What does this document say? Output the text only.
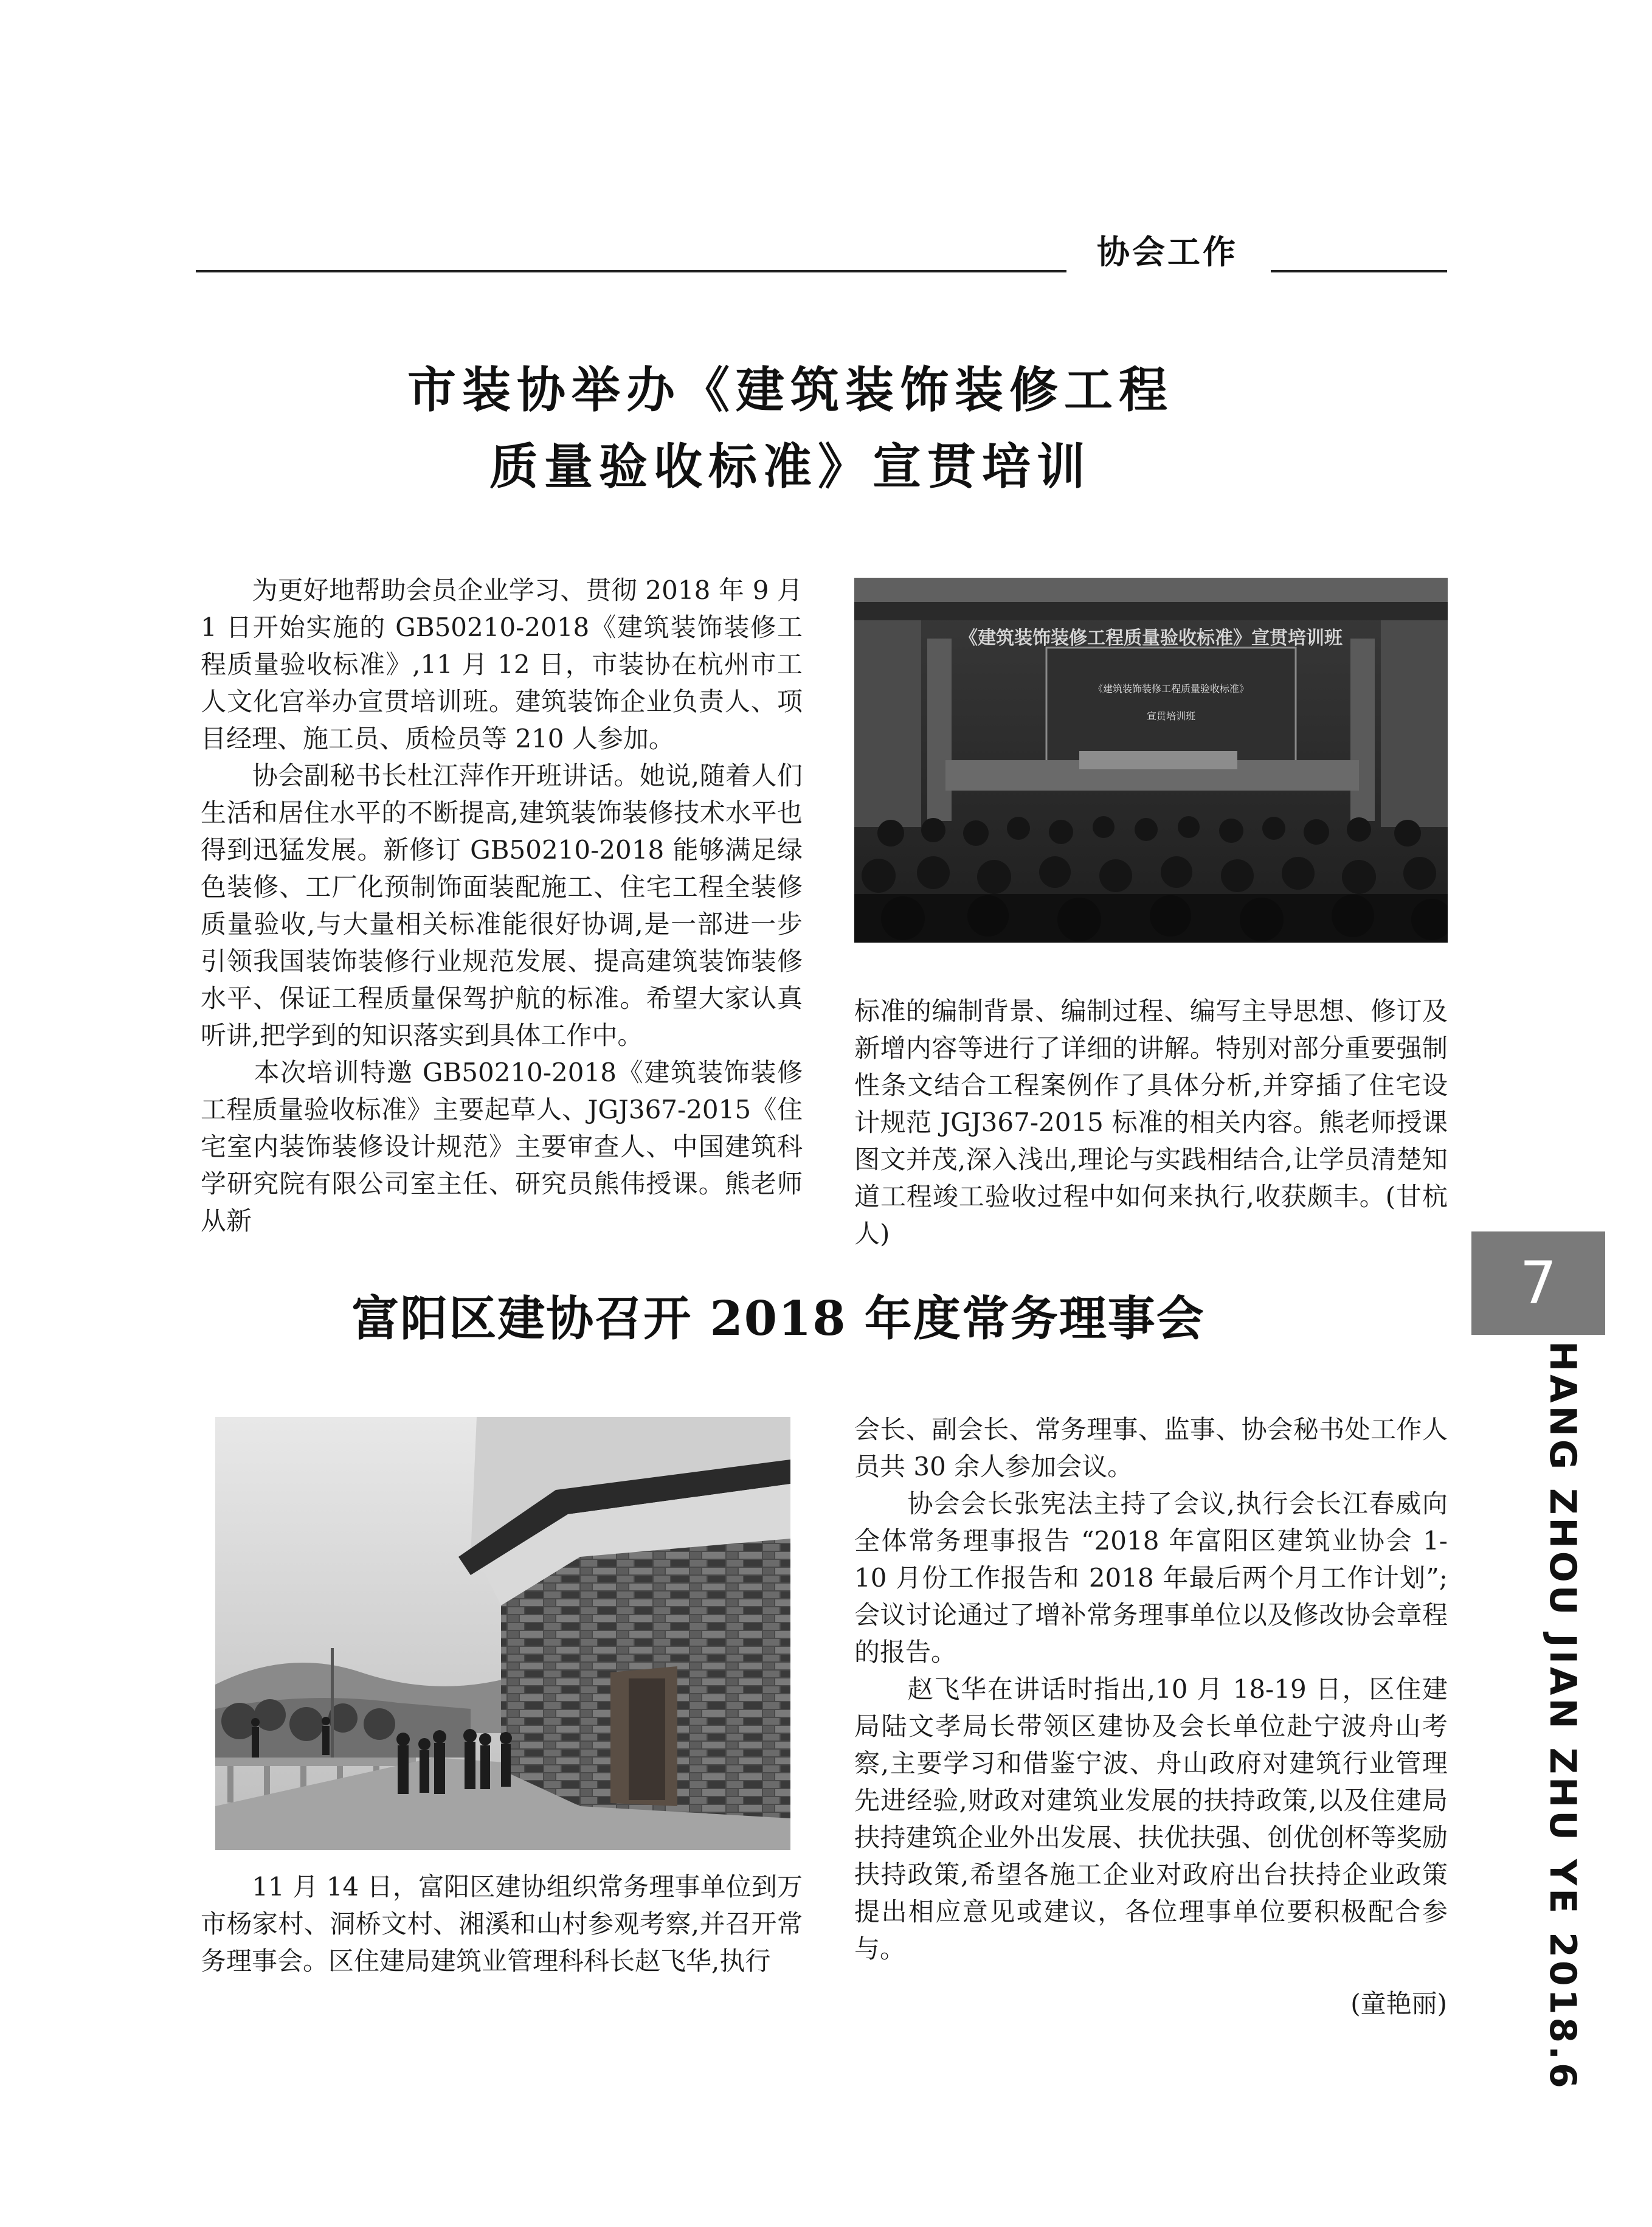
协会工作
市装协举办《建筑装饰装修工程
质量验收标准》宣贯培训
　　为更好地帮助会员企业学习、贯彻 2018 年 9 月 1 日开始实施的 GB50210-2018《建筑装饰装修工程质量验收标准》,11 月 12 日，市装协在杭州市工人文化宫举办宣贯培训班。建筑装饰企业负责人、项目经理、施工员、质检员等 210 人参加。
　　协会副秘书长杜江萍作开班讲话。她说,随着人们生活和居住水平的不断提高,建筑装饰装修技术水平也得到迅猛发展。新修订 GB50210-2018 能够满足绿色装修、工厂化预制饰面装配施工、住宅工程全装修质量验收,与大量相关标准能很好协调,是一部进一步引领我国装饰装修行业规范发展、提高建筑装饰装修水平、保证工程质量保驾护航的标准。希望大家认真听讲,把学到的知识落实到具体工作中。
　　本次培训特邀 GB50210-2018《建筑装饰装修工程质量验收标准》主要起草人、JGJ367-2015《住宅室内装饰装修设计规范》主要审查人、中国建筑科学研究院有限公司室主任、研究员熊伟授课。熊老师从新
《建筑装饰装修工程质量验收标准》宣贯培训班
《建筑装饰装修工程质量验收标准》
宣贯培训班
标准的编制背景、编制过程、编写主导思想、修订及新增内容等进行了详细的讲解。特别对部分重要强制性条文结合工程案例作了具体分析,并穿插了住宅设计规范 JGJ367-2015 标准的相关内容。熊老师授课图文并茂,深入浅出,理论与实践相结合,让学员清楚知道工程竣工验收过程中如何来执行,收获颇丰。(甘杭人)
富阳区建协召开 2018 年度常务理事会
　　11 月 14 日，富阳区建协组织常务理事单位到万市杨家村、洞桥文村、湘溪和山村参观考察,并召开常务理事会。区住建局建筑业管理科科长赵飞华,执行
会长、副会长、常务理事、监事、协会秘书处工作人员共 30 余人参加会议。
　　协会会长张宪法主持了会议,执行会长江春威向全体常务理事报告 “2018 年富阳区建筑业协会 1-10 月份工作报告和 2018 年最后两个月工作计划”;会议讨论通过了增补常务理事单位以及修改协会章程的报告。
　　赵飞华在讲话时指出,10 月 18-19 日，区住建局陆文孝局长带领区建协及会长单位赴宁波舟山考察,主要学习和借鉴宁波、舟山政府对建筑行业管理先进经验,财政对建筑业发展的扶持政策,以及住建局扶持建筑企业外出发展、扶优扶强、创优创杯等奖励扶持政策,希望各施工企业对政府出台扶持企业政策提出相应意见或建议，各位理事单位要积极配合参与。
(童艳丽)
7
HANG ZHOU JIAN ZHU YE 2018.6
